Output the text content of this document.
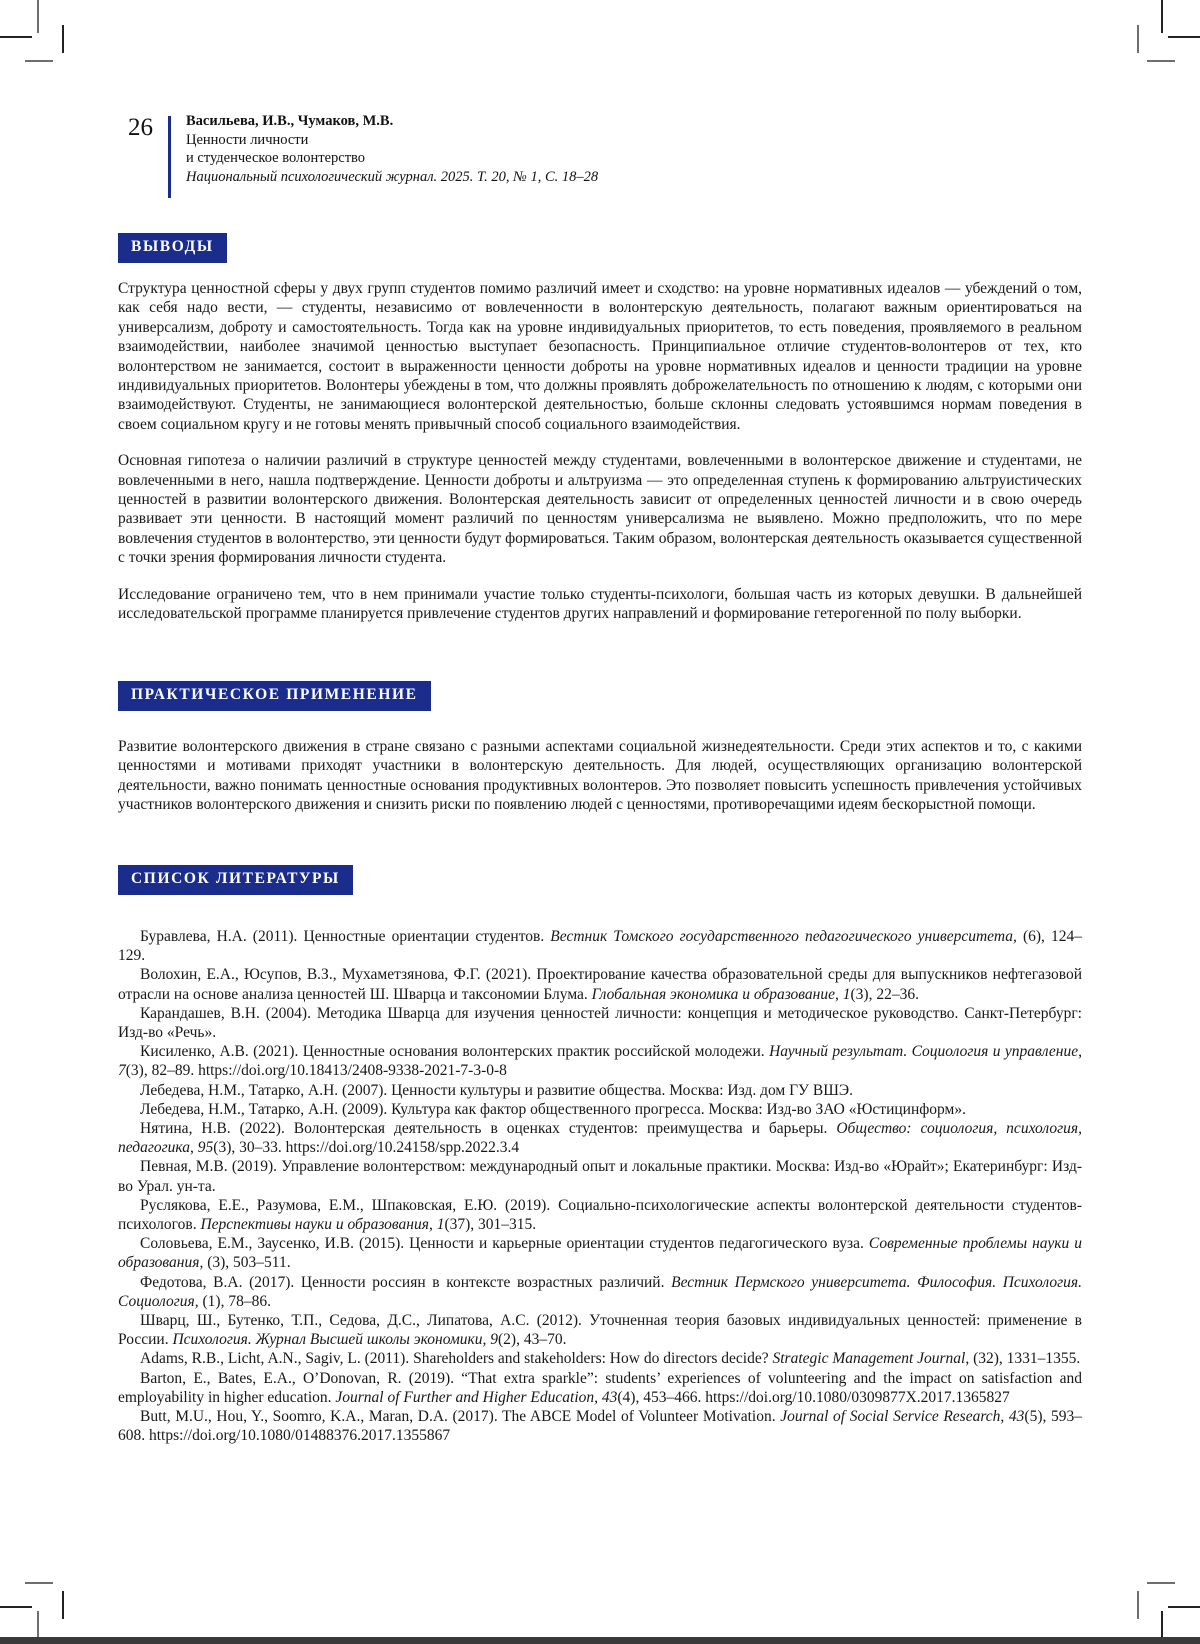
26 Васильева, И.В., Чумаков, М.В.
Ценности личности
и студенческое волонтерство
Национальный психологический журнал. 2025. Т. 20, № 1, С. 18–28
ВЫВОДЫ

Структура ценностной сферы у двух групп студентов помимо различий имеет и сходство: на уровне нормативных идеалов — убеждений о том, как себя надо вести, — студенты, независимо от вовлеченности в волонтерскую деятельность, полагают важным ориентироваться на универсализм, доброту и самостоятельность. Тогда как на уровне индивидуальных приоритетов, то есть поведения, проявляемого в реальном взаимодействии, наиболее значимой ценностью выступает безопасность. Принципиальное отличие студентов-волонтеров от тех, кто волонтерством не занимается, состоит в выраженности ценности доброты на уровне нормативных идеалов и ценности традиции на уровне индивидуальных приоритетов. Волонтеры убеждены в том, что должны проявлять доброжелательность по отношению к людям, с которыми они взаимодействуют. Студенты, не занимающиеся волонтерской деятельностью, больше склонны следовать устоявшимся нормам поведения в своем социальном кругу и не готовы менять привычный способ социального взаимодействия.

Основная гипотеза о наличии различий в структуре ценностей между студентами, вовлеченными в волонтерское движение и студентами, не вовлеченными в него, нашла подтверждение. Ценности доброты и альтруизма — это определенная ступень к формированию альтруистических ценностей в развитии волонтерского движения. Волонтерская деятельность зависит от определенных ценностей личности и в свою очередь развивает эти ценности. В настоящий момент различий по ценностям универсализма не выявлено. Можно предположить, что по мере вовлечения студентов в волонтерство, эти ценности будут формироваться. Таким образом, волонтерская деятельность оказывается существенной с точки зрения формирования личности студента.

Исследование ограничено тем, что в нем принимали участие только студенты-психологи, большая часть из которых девушки. В дальнейшей исследовательской программе планируется привлечение студентов других направлений и формирование гетерогенной по полу выборки.

ПРАКТИЧЕСКОЕ ПРИМЕНЕНИЕ

Развитие волонтерского движения в стране связано с разными аспектами социальной жизнедеятельности. Среди этих аспектов и то, с какими ценностями и мотивами приходят участники в волонтерскую деятельность. Для людей, осуществляющих организацию волонтерской деятельности, важно понимать ценностные основания продуктивных волонтеров. Это позволяет повысить успешность привлечения устойчивых участников волонтерского движения и снизить риски по появлению людей с ценностями, противоречащими идеям бескорыстной помощи.

СПИСОК ЛИТЕРАТУРЫ

Буравлева, Н.А. (2011). Ценностные ориентации студентов. Вестник Томского государственного педагогического университета, (6), 124–129.

Волохин, Е.А., Юсупов, В.З., Мухаметзянова, Ф.Г. (2021). Проектирование качества образовательной среды для выпускников нефтегазовой отрасли на основе анализа ценностей Ш. Шварца и таксономии Блума. Глобальная экономика и образование, 1(3), 22–36.

Карандашев, В.Н. (2004). Методика Шварца для изучения ценностей личности: концепция и методическое руководство. Санкт-Петербург: Изд-во «Речь».

Кисиленко, А.В. (2021). Ценностные основания волонтерских практик российской молодежи. Научный результат. Социология и управление, 7(3), 82–89. https://doi.org/10.18413/2408-9338-2021-7-3-0-8

Лебедева, Н.М., Татарко, А.Н. (2007). Ценности культуры и развитие общества. Москва: Изд. дом ГУ ВШЭ.

Лебедева, Н.М., Татарко, А.Н. (2009). Культура как фактор общественного прогресса. Москва: Изд-во ЗАО «Юстицинформ».

Нятина, Н.В. (2022). Волонтерская деятельность в оценках студентов: преимущества и барьеры. Общество: социология, психология, педагогика, 95(3), 30–33. https://doi.org/10.24158/spp.2022.3.4

Певная, М.В. (2019). Управление волонтерством: международный опыт и локальные практики. Москва: Изд-во «Юрайт»; Екатеринбург: Изд-во Урал. ун-та.

Руслякова, Е.Е., Разумова, Е.М., Шпаковская, Е.Ю. (2019). Социально-психологические аспекты волонтерской деятельности студентов-психологов. Перспективы науки и образования, 1(37), 301–315.

Соловьева, Е.М., Заусенко, И.В. (2015). Ценности и карьерные ориентации студентов педагогического вуза. Современные проблемы науки и образования, (3), 503–511.

Федотова, В.А. (2017). Ценности россиян в контексте возрастных различий. Вестник Пермского университета. Философия. Психология. Социология, (1), 78–86.

Шварц, Ш., Бутенко, Т.П., Седова, Д.С., Липатова, А.С. (2012). Уточненная теория базовых индивидуальных ценностей: применение в России. Психология. Журнал Высшей школы экономики, 9(2), 43–70.

Adams, R.B., Licht, A.N., Sagiv, L. (2011). Shareholders and stakeholders: How do directors decide? Strategic Management Journal, (32), 1331–1355.

Barton, E., Bates, E.A., O’Donovan, R. (2019). “That extra sparkle”: students’ experiences of volunteering and the impact on satisfaction and employability in higher education. Journal of Further and Higher Education, 43(4), 453–466. https://doi.org/10.1080/0309877X.2017.1365827

Butt, M.U., Hou, Y., Soomro, K.A., Maran, D.A. (2017). The ABCE Model of Volunteer Motivation. Journal of Social Service Research, 43(5), 593–608. https://doi.org/10.1080/01488376.2017.1355867
